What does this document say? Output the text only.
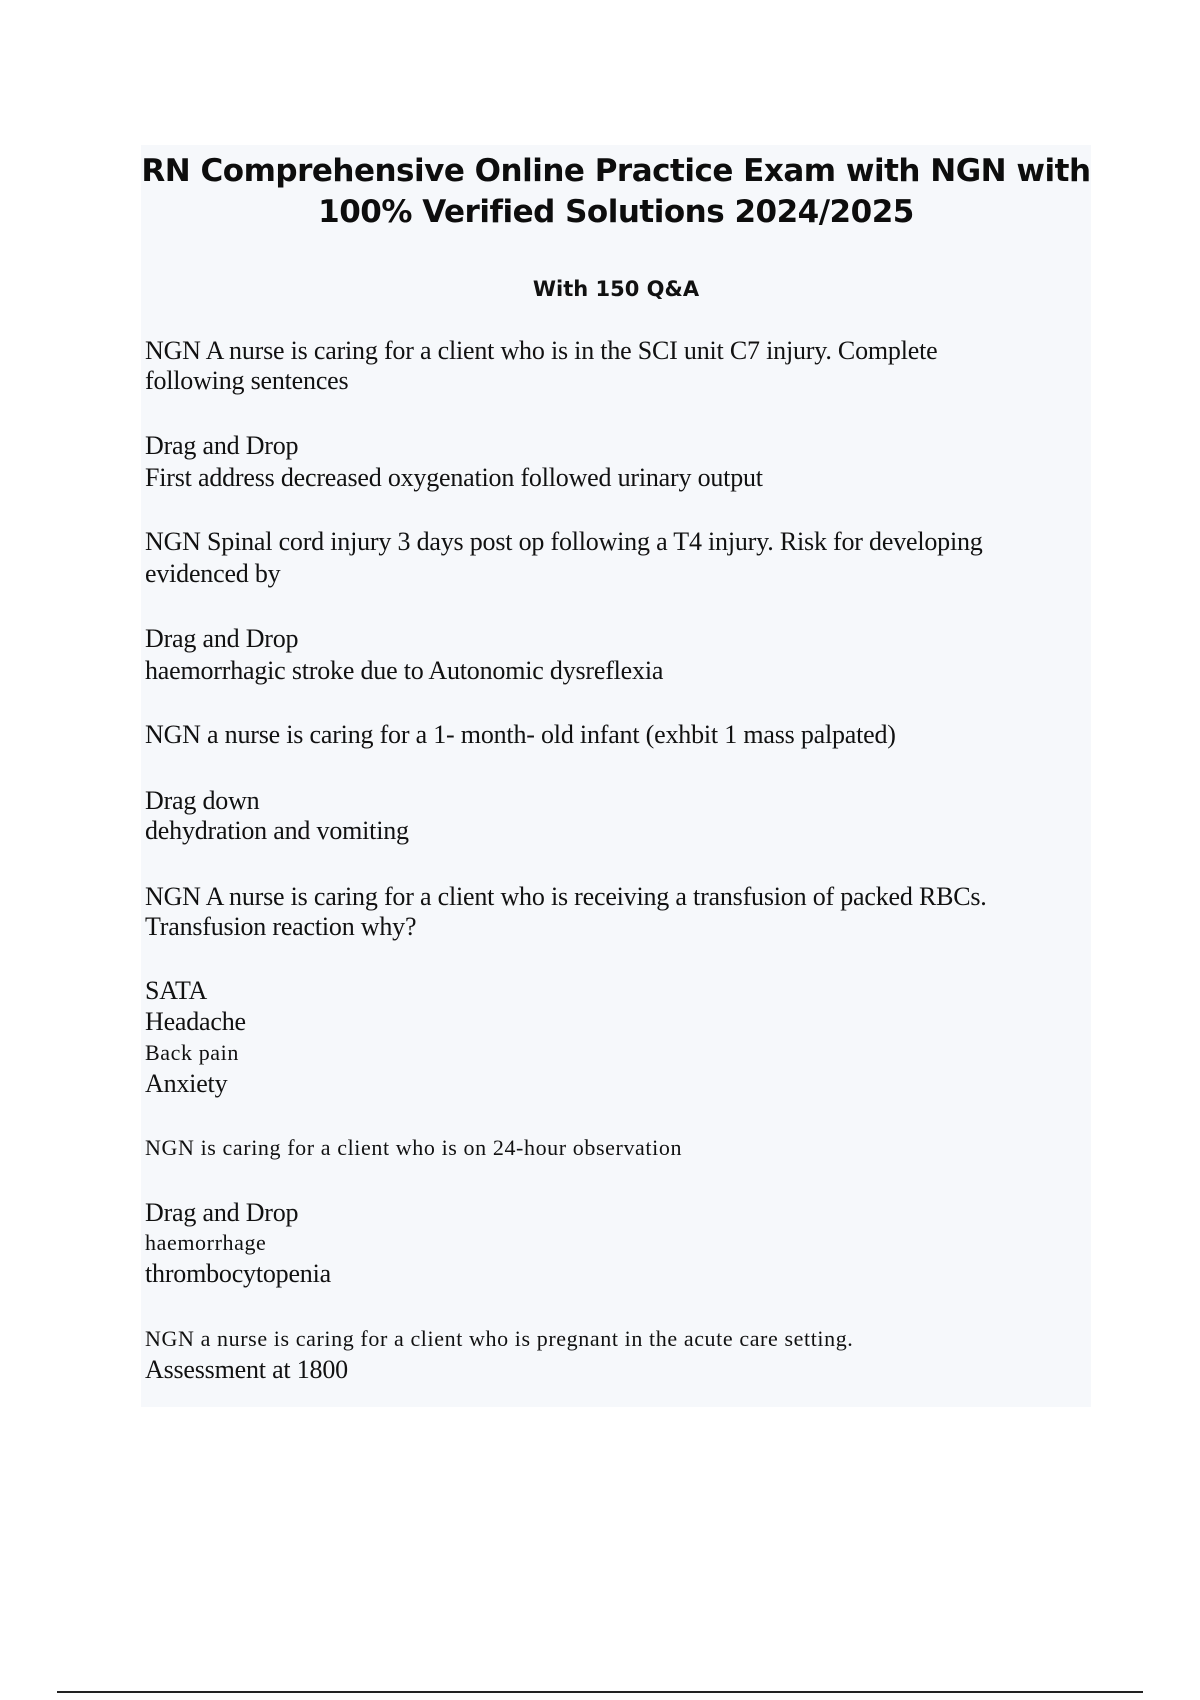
RN Comprehensive Online Practice Exam with NGN with
100% Verified Solutions 2024/2025
With 150 Q&A
NGN A nurse is caring for a client who is in the SCI unit C7 injury. Complete
following sentences
Drag and Drop
First address decreased oxygenation followed urinary output
NGN Spinal cord injury 3 days post op following a T4 injury. Risk for developing
evidenced by
Drag and Drop
haemorrhagic stroke due to Autonomic dysreflexia
NGN a nurse is caring for a 1- month- old infant (exhbit 1 mass palpated)
Drag down
dehydration and vomiting
NGN A nurse is caring for a client who is receiving a transfusion of packed RBCs.
Transfusion reaction why?
SATA
Headache
Back pain
Anxiety
NGN is caring for a client who is on 24-hour observation
Drag and Drop
haemorrhage
thrombocytopenia
NGN a nurse is caring for a client who is pregnant in the acute care setting.
Assessment at 1800
